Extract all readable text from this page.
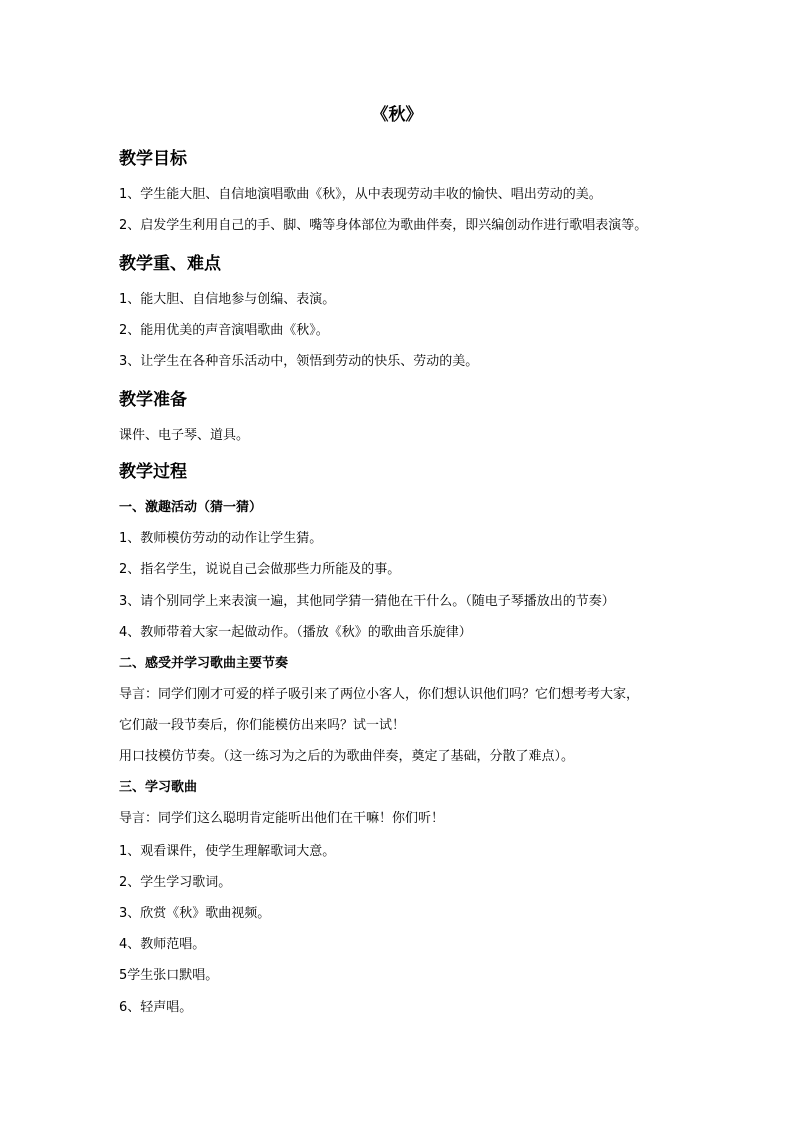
《秋》
教学目标
1、学生能大胆、自信地演唱歌曲《秋》，从中表现劳动丰收的愉快、唱出劳动的美。
2、启发学生利用自己的手、脚、嘴等身体部位为歌曲伴奏，即兴编创动作进行歌唱表演等。
教学重、难点
1、能大胆、自信地参与创编、表演。
2、能用优美的声音演唱歌曲《秋》。
3、让学生在各种音乐活动中，领悟到劳动的快乐、劳动的美。
教学准备
课件、电子琴、道具。
教学过程
一、激趣活动（猜一猜）
1、教师模仿劳动的动作让学生猜。
2、指名学生，说说自己会做那些力所能及的事。
3、请个别同学上来表演一遍，其他同学猜一猜他在干什么。（随电子琴播放出的节奏）
4、教师带着大家一起做动作。（播放《秋》的歌曲音乐旋律）
二、感受并学习歌曲主要节奏
导言：同学们刚才可爱的样子吸引来了两位小客人，你们想认识他们吗？它们想考考大家，
它们敲一段节奏后，你们能模仿出来吗？试一试！
用口技模仿节奏。（这一练习为之后的为歌曲伴奏，奠定了基础，分散了难点）。
三、学习歌曲
导言：同学们这么聪明肯定能听出他们在干嘛！你们听！
1、观看课件，使学生理解歌词大意。
2、学生学习歌词。
3、欣赏《秋》歌曲视频。
4、教师范唱。
5学生张口默唱。
6、轻声唱。
